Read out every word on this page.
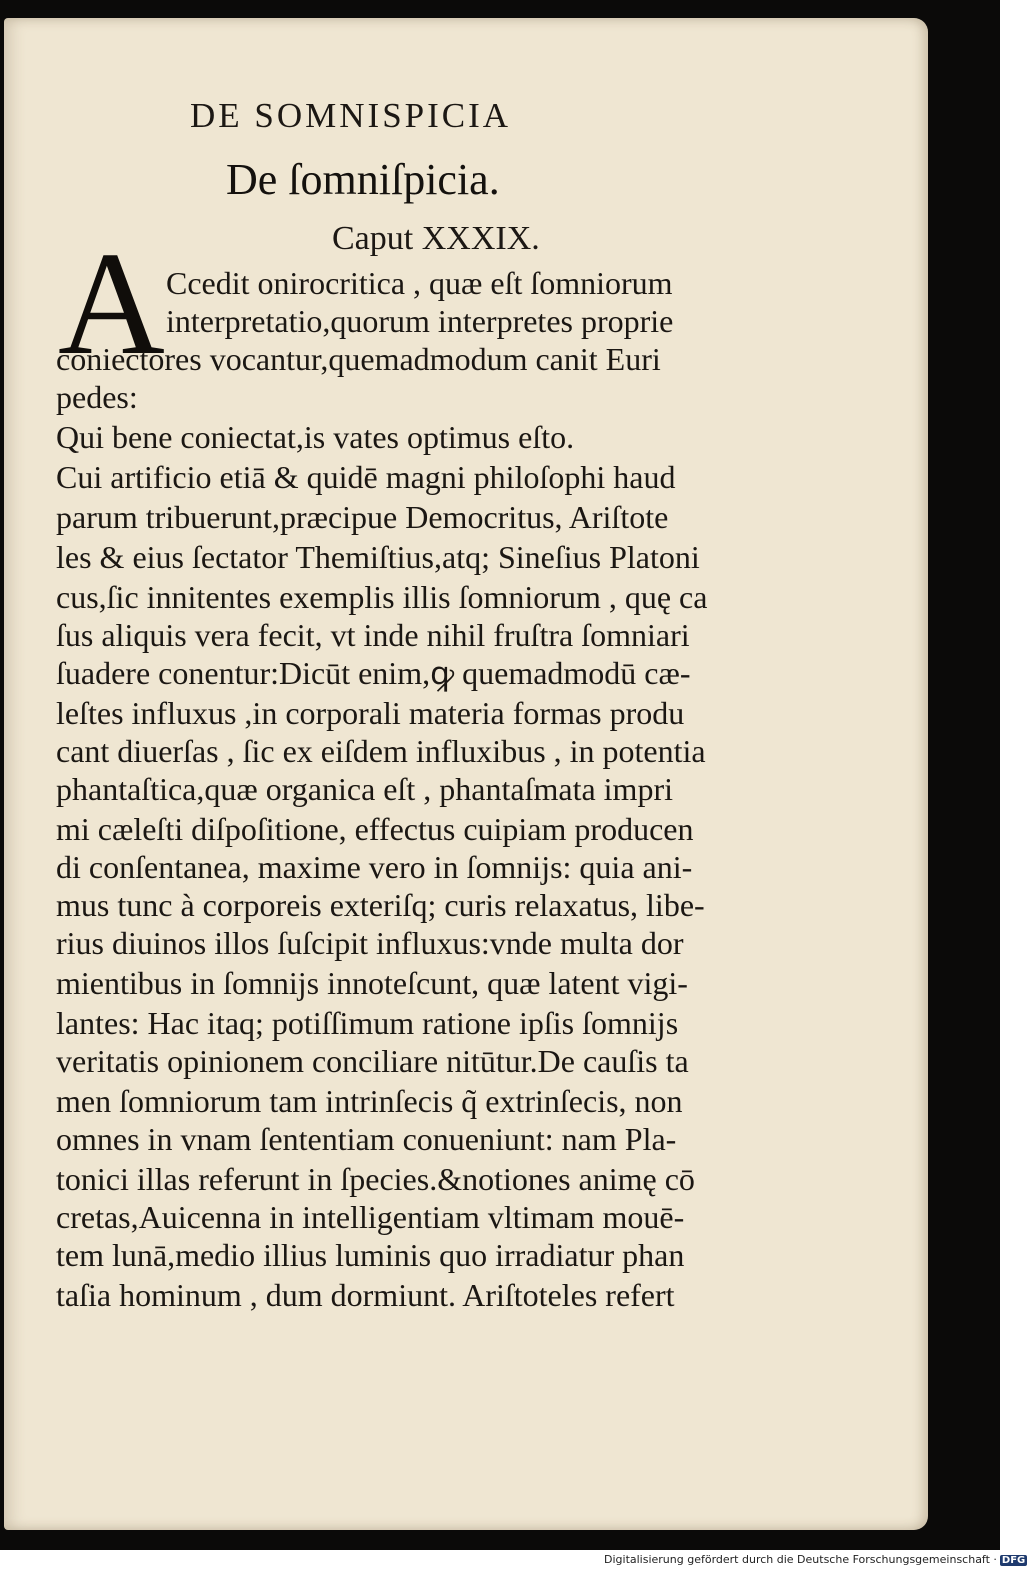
DE SOMNISPICIA
De ſomniſpicia.
Caput XXXIX.
A Ccedit onirocritica , quæ eſt ſomniorum
interpretatio,quorum interpretes proprie
coniectores vocantur,quemadmodum canit Euri
pedes:
Qui bene coniectat,is vates optimus eſto.
Cui artificio etiā & quidē magni philoſophi haud
parum tribuerunt,præcipue Democritus, Ariſtote
les & eius ſectator Themiſtius,atq; Sineſius Platoni
cus,ſic innitentes exemplis illis ſomniorum , quę ca
ſus aliquis vera fecit, vt inde nihil fruſtra ſomniari
ſuadere conentur:Dicūt enim,ꝙ quemadmodū cæ-
leſtes influxus ,in corporali materia formas produ
cant diuerſas , ſic ex eiſdem influxibus , in potentia
phantaſtica,quæ organica eſt , phantaſmata impri
mi cæleſti diſpoſitione, effectus cuipiam producen
di conſentanea, maxime vero in ſomnijs: quia ani-
mus tunc à corporeis exteriſq; curis relaxatus, libe-
rius diuinos illos ſuſcipit influxus:vnde multa dor
mientibus in ſomnijs innoteſcunt, quæ latent vigi-
lantes: Hac itaq; potiſſimum ratione ipſis ſomnijs
veritatis opinionem conciliare nitūtur.De cauſis ta
men ſomniorum tam intrinſecis q̃ extrinſecis, non
omnes in vnam ſententiam conueniunt: nam Pla-
tonici illas referunt in ſpecies.&notiones animę cō
cretas,Auicenna in intelligentiam vltimam mouē-
tem lunā,medio illius luminis quo irradiatur phan
taſia hominum , dum dormiunt. Ariſtoteles refert
Digitalisierung gefördert durch die Deutsche Forschungsgemeinschaft · DFG
